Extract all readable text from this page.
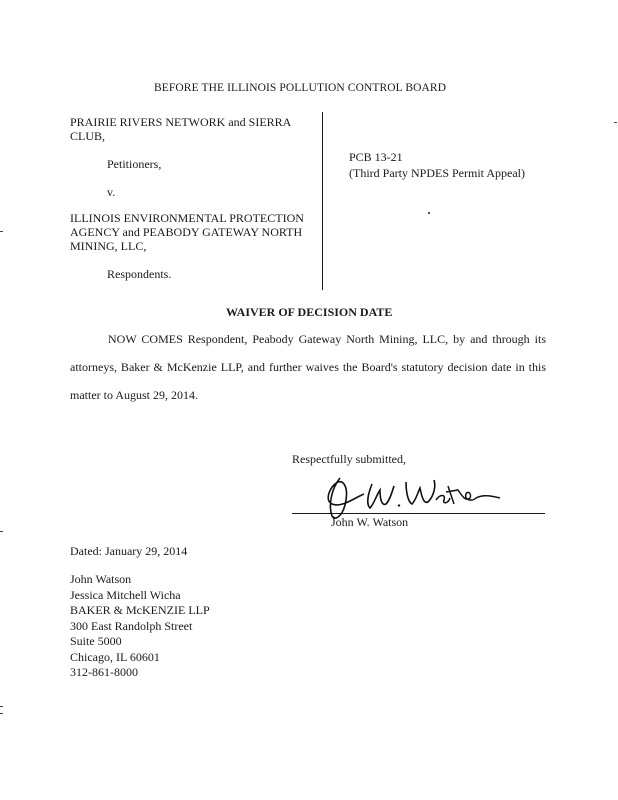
BEFORE THE ILLINOIS POLLUTION CONTROL BOARD
PRAIRIE RIVERS NETWORK and SIERRA
CLUB,
Petitioners,
v.
ILLINOIS ENVIRONMENTAL PROTECTION
AGENCY and PEABODY GATEWAY NORTH
MINING, LLC,
Respondents.
PCB 13-21
(Third Party NPDES Permit Appeal)
WAIVER OF DECISION DATE
NOW COMES Respondent, Peabody Gateway North Mining, LLC, by and through its
attorneys, Baker & McKenzie LLP, and further waives the Board's statutory decision date in this
matter to August 29, 2014.
Respectfully submitted,
John W. Watson
Dated: January 29, 2014
John Watson
Jessica Mitchell Wicha
BAKER & McKENZIE LLP
300 East Randolph Street
Suite 5000
Chicago, IL 60601
312-861-8000
